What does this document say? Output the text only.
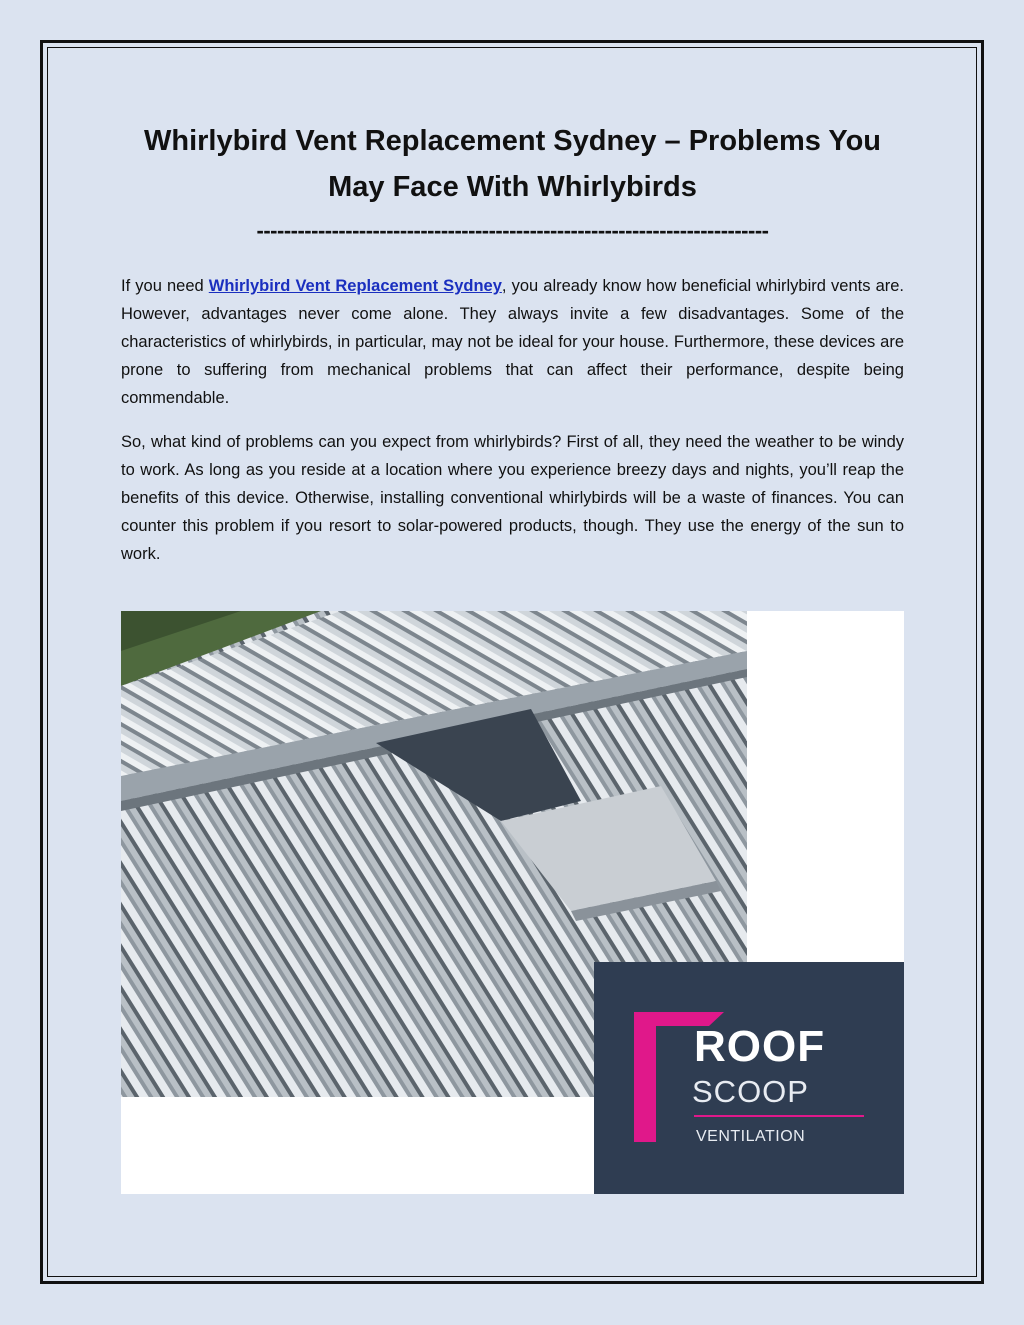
Whirlybird Vent Replacement Sydney – Problems You
May Face With Whirlybirds
---------------------------------------------------------------------------

If you need Whirlybird Vent Replacement Sydney, you already know how beneficial whirlybird vents are. However, advantages never come alone. They always invite a few disadvantages. Some of the characteristics of whirlybirds, in particular, may not be ideal for your house. Furthermore, these devices are prone to suffering from mechanical problems that can affect their performance, despite being commendable.

So, what kind of problems can you expect from whirlybirds? First of all, they need the weather to be windy to work. As long as you reside at a location where you experience breezy days and nights, you’ll reap the benefits of this device. Otherwise, installing conventional whirlybirds will be a waste of finances. You can counter this problem if you resort to solar-powered products, though. They use the energy of the sun to work.

ROOF
SCOOP
VENTILATION
